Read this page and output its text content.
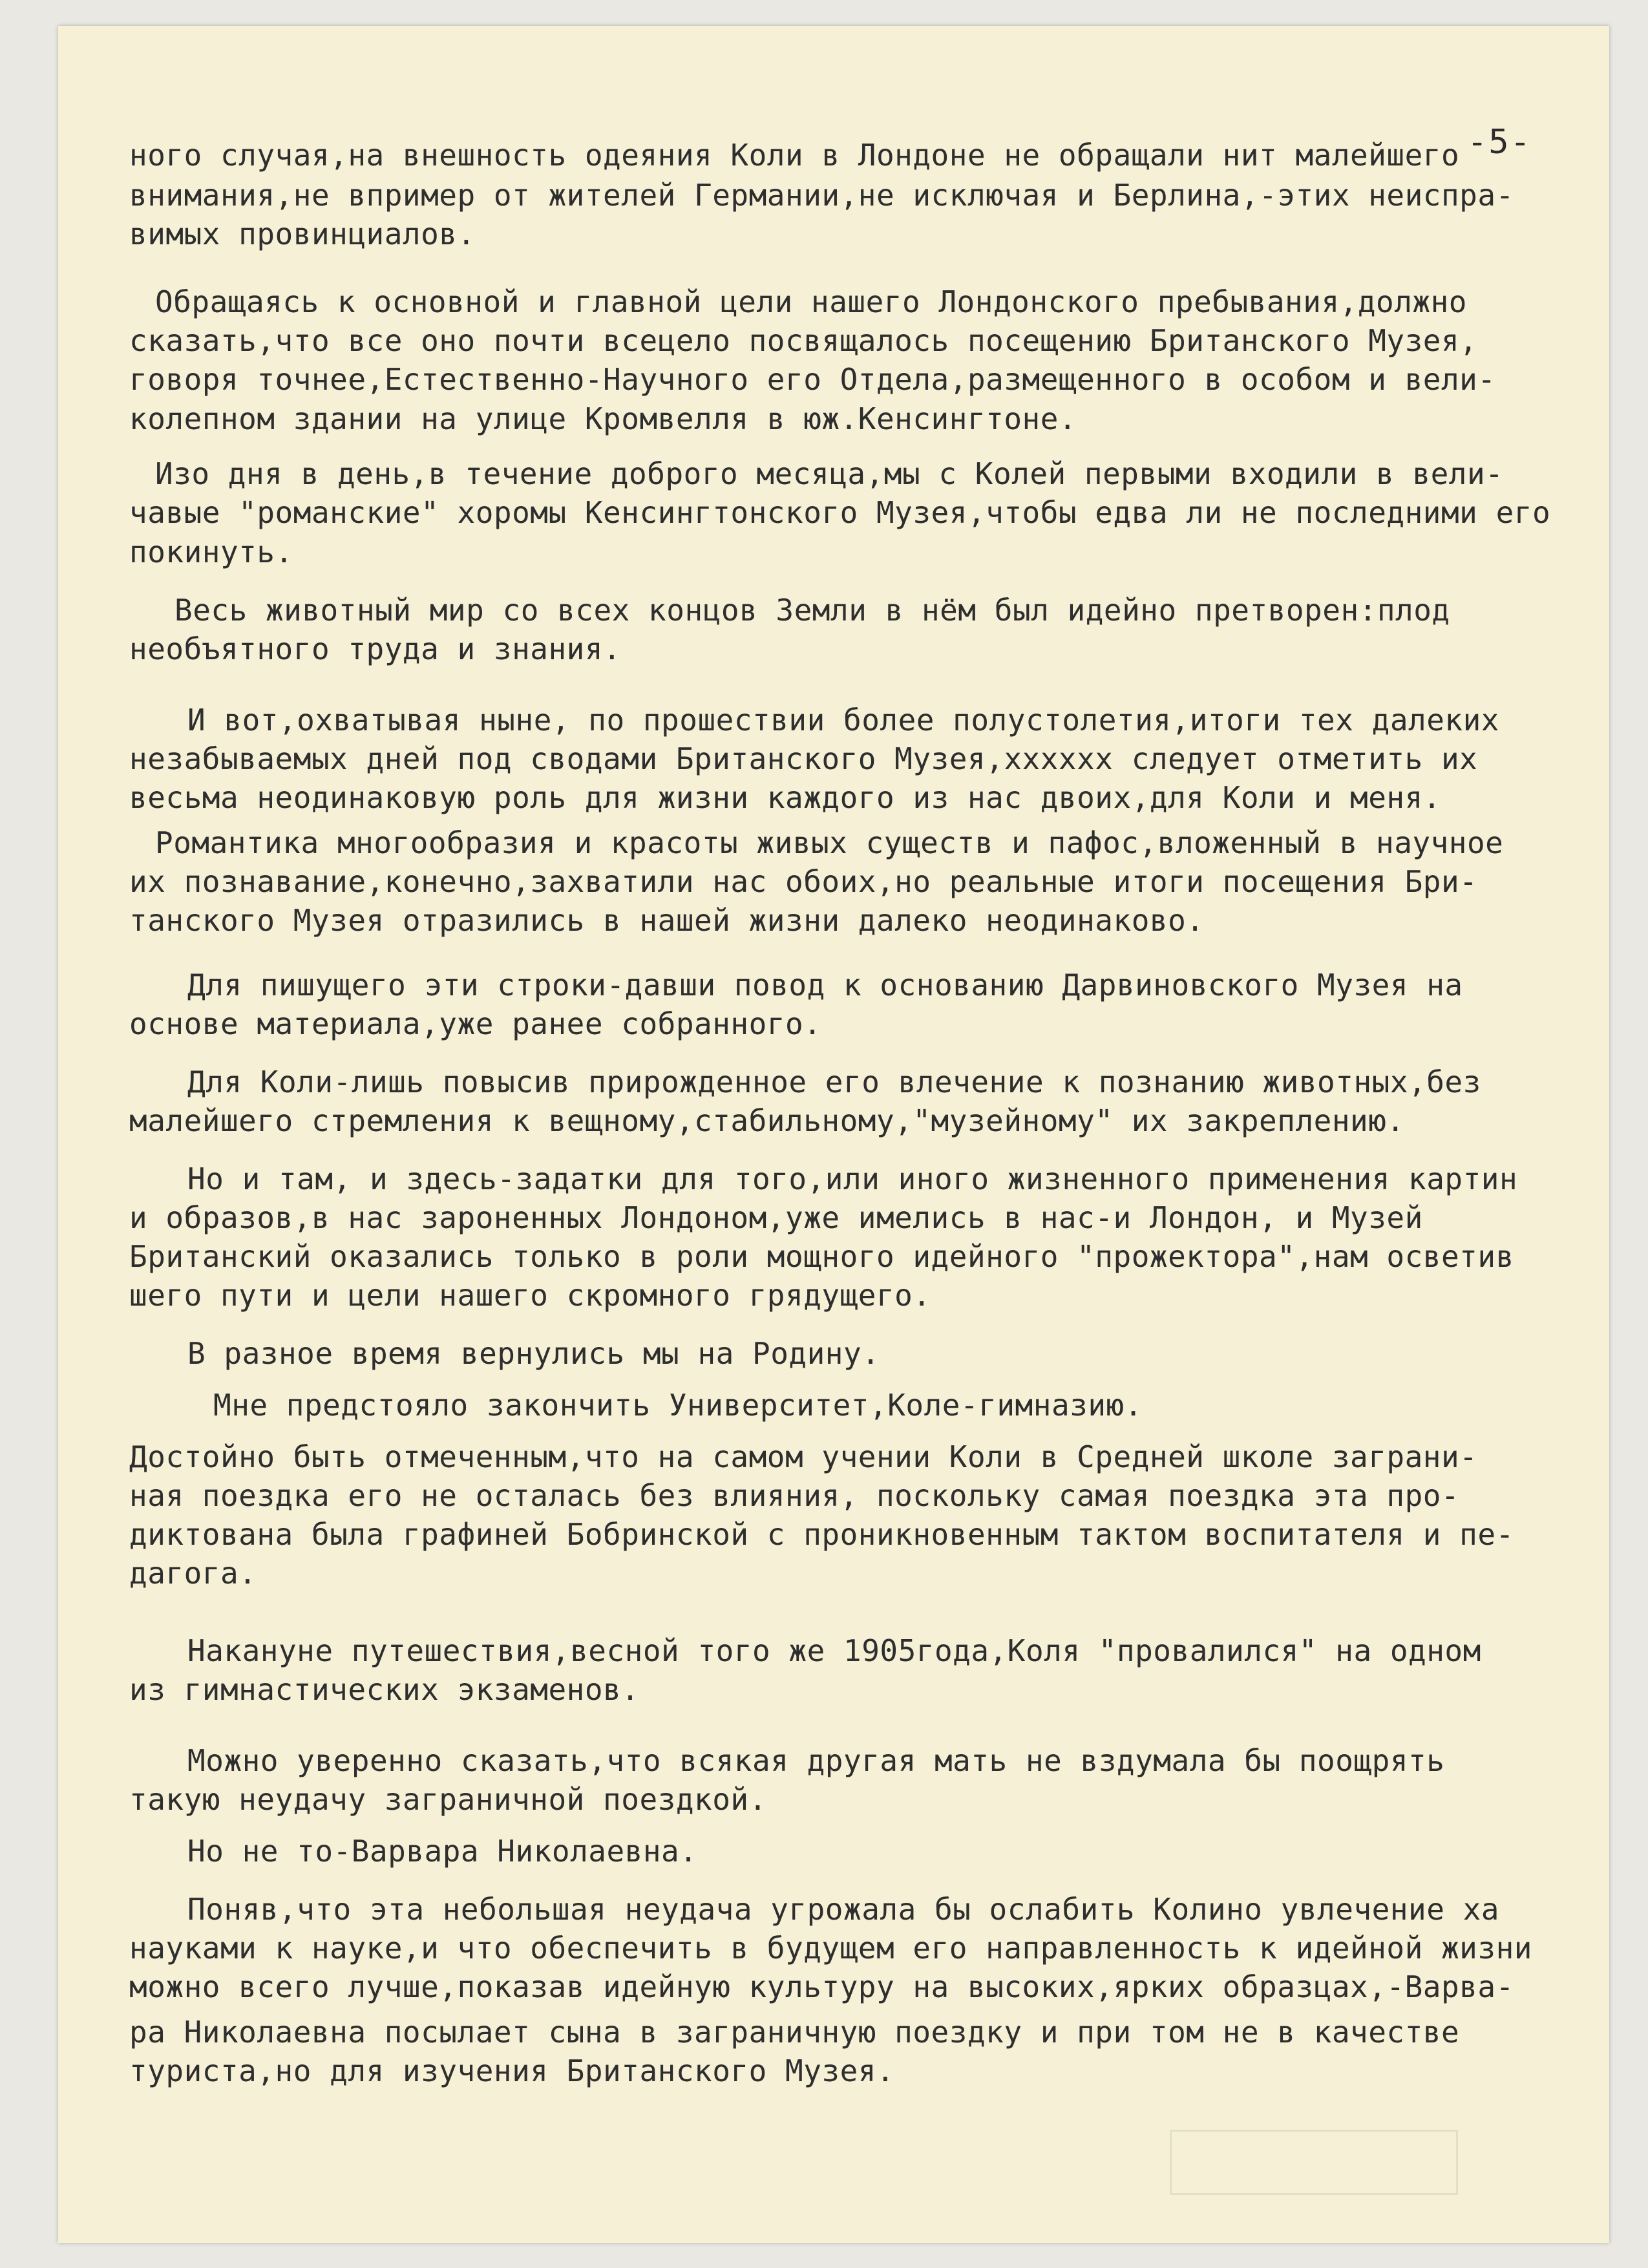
-5-
ного случая,на внешность одеяния Коли в Лондоне не обращали нит малейшего
внимания,не впример от жителей Германии,не исключая и Берлина,-этих неиспра-
вимых провинциалов.
Обращаясь к основной и главной цели нашего Лондонского пребывания,должно
сказать,что все оно почти всецело посвящалось посещению Британского Музея,
говоря точнее,Естественно-Научного его Отдела,размещенного в особом и вели-
колепном здании на улице Кромвелля в юж.Кенсингтоне.
Изо дня в день,в течение доброго месяца,мы с Колей первыми входили в вели-
чавые "романские" хоромы Кенсингтонского Музея,чтобы едва ли не последними его
покинуть.
Весь животный мир со всех концов Земли в нём был идейно претворен:плод
необъятного труда и знания.
И вот,охватывая ныне, по прошествии более полустолетия,итоги тех далеких
незабываемых дней под сводами Британского Музея,хххххх следует отметить их
весьма неодинаковую роль для жизни каждого из нас двоих,для Коли и меня.
Романтика многообразия и красоты живых существ и пафос,вложенный в научное
их познавание,конечно,захватили нас обоих,но реальные итоги посещения Бри-
танского Музея отразились в нашей жизни далеко неодинаково.
Для пишущего эти строки-давши повод к основанию Дарвиновского Музея на
основе материала,уже ранее собранного.
Для Коли-лишь повысив прирожденное его влечение к познанию животных,без
малейшего стремления к вещному,стабильному,"музейному" их закреплению.
Но и там, и здесь-задатки для того,или иного жизненного применения картин
и образов,в нас зароненных Лондоном,уже имелись в нас-и Лондон, и Музей
Британский оказались только в роли мощного идейного "прожектора",нам осветив
шего пути и цели нашего скромного грядущего.
В разное время вернулись мы на Родину.
Мне предстояло закончить Университет,Коле-гимназию.
Достойно быть отмеченным,что на самом учении Коли в Средней школе заграни-
ная поездка его не осталась без влияния, поскольку самая поездка эта про-
диктована была графиней Бобринской с проникновенным тактом воспитателя и пе-
дагога.
Накануне путешествия,весной того же 1905года,Коля "провалился" на одном
из гимнастических экзаменов.
Можно уверенно сказать,что всякая другая мать не вздумала бы поощрять
такую неудачу заграничной поездкой.
Но не то-Варвара Николаевна.
Поняв,что эта небольшая неудача угрожала бы ослабить Колино увлечение ха
науками к науке,и что обеспечить в будущем его направленность к идейной жизни
можно всего лучше,показав идейную культуру на высоких,ярких образцах,-Варва-
ра Николаевна посылает сына в заграничную поездку и при том не в качестве
туриста,но для изучения Британского Музея.
